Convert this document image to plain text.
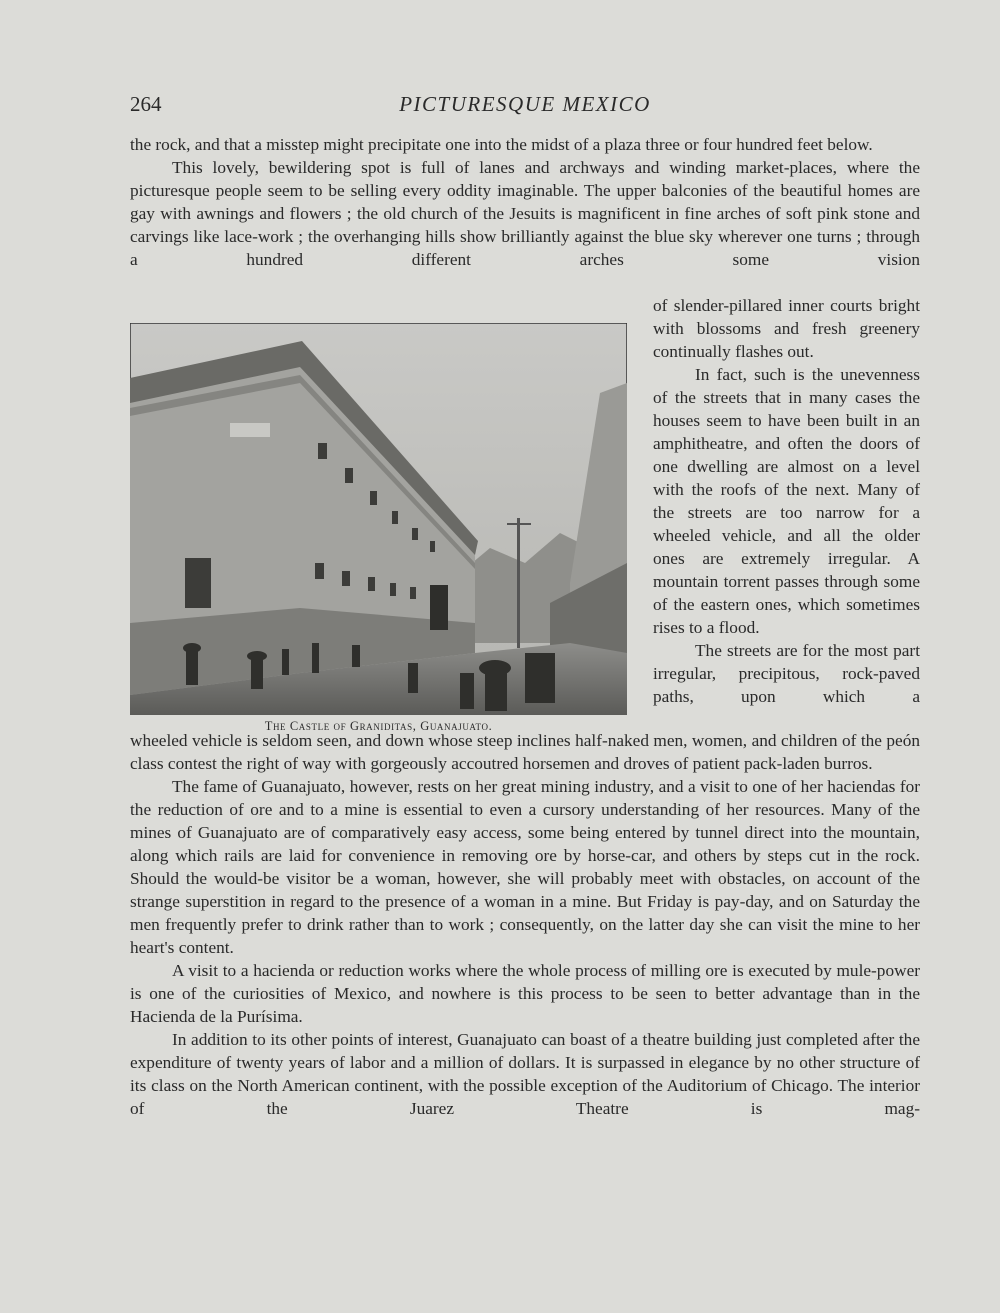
264	PICTURESQUE MEXICO

the rock, and that a misstep might precipitate one into the midst of a plaza three or four hundred feet below.

This lovely, bewildering spot is full of lanes and archways and winding market-places, where the picturesque people seem to be selling every oddity imaginable. The upper balconies of the beautiful homes are gay with awnings and flowers ; the old church of the Jesuits is magnificent in fine arches of soft pink stone and carvings like lace-work ; the overhanging hills show brilliantly against the blue sky wherever one turns ; through a hundred different arches some vision

The Castle of Graniditas, Guanajuato.

of slender-pillared inner courts bright with blossoms and fresh greenery continually flashes out.

In fact, such is the unevenness of the streets that in many cases the houses seem to have been built in an amphitheatre, and often the doors of one dwelling are almost on a level with the roofs of the next. Many of the streets are too narrow for a wheeled vehicle, and all the older ones are extremely irregular. A mountain torrent passes through some of the eastern ones, which sometimes rises to a flood.

The streets are for the most part irregular, precipitous, rock-paved paths, upon which a

wheeled vehicle is seldom seen, and down whose steep inclines half-naked men, women, and children of the peón class contest the right of way with gorgeously accoutred horsemen and droves of patient pack-laden burros.

The fame of Guanajuato, however, rests on her great mining industry, and a visit to one of her haciendas for the reduction of ore and to a mine is essential to even a cursory understanding of her resources. Many of the mines of Guanajuato are of comparatively easy access, some being entered by tunnel direct into the mountain, along which rails are laid for convenience in removing ore by horse-car, and others by steps cut in the rock. Should the would-be visitor be a woman, however, she will probably meet with obstacles, on account of the strange superstition in regard to the presence of a woman in a mine. But Friday is pay-day, and on Saturday the men frequently prefer to drink rather than to work ; consequently, on the latter day she can visit the mine to her heart's content.

A visit to a hacienda or reduction works where the whole process of milling ore is executed by mule-power is one of the curiosities of Mexico, and nowhere is this process to be seen to better advantage than in the Hacienda de la Purísima.

In addition to its other points of interest, Guanajuato can boast of a theatre building just completed after the expenditure of twenty years of labor and a million of dollars. It is surpassed in elegance by no other structure of its class on the North American continent, with the possible exception of the Auditorium of Chicago. The interior of the Juarez Theatre is mag-
